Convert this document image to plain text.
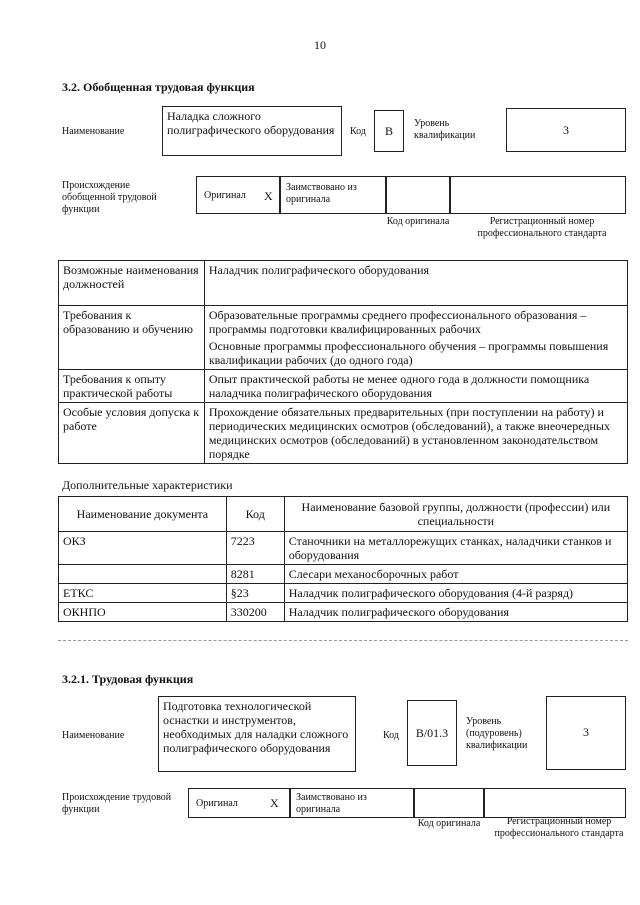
10
3.2. Обобщенная трудовая функция
Наименование
Наладка сложного полиграфического оборудования	Код	B
Уровень квалификации	3
Происхождение обобщенной трудовой функции
Оригинал X
Заимствовано из оригинала
Код оригинала	Регистрационный номер профессионального стандарта
Возможные наименования должностей	Наладчик полиграфического оборудования
Требования к образованию и обучению	Образовательные программы среднего профессионального образования – программы подготовки квалифицированных рабочих

Основные программы профессионального обучения – программы повышения квалификации рабочих (до одного года)

Требования к опыту практической работы	Опыт практической работы не менее одного года в должности помощника наладчика полиграфического оборудования
Особые условия допуска к работе	Прохождение обязательных предварительных (при поступлении на работу) и периодических медицинских осмотров (обследований), а также внеочередных медицинских осмотров (обследований) в установленном законодательством порядке
Дополнительные характеристики
Наименование документа	Код	Наименование базовой группы, должности (профессии) или специальности
ОКЗ	7223	Станочники на металлорежущих станках, наладчики станков и оборудования
	8281	Слесари механосборочных работ
ЕТКС	§23	Наладчик полиграфического оборудования (4-й разряд)
ОКНПО	330200	Наладчик полиграфического оборудования
3.2.1. Трудовая функция
Наименование
Подготовка технологической оснастки и инструментов, необходимых для наладки сложного полиграфического оборудования
Код	B/01.3
Уровень (подуровень) квалификации
3
Происхождение трудовой функции
Оригинал	X Заимствовано из оригинала
Код оригинала	Регистрационный номер профессионального стандарта
